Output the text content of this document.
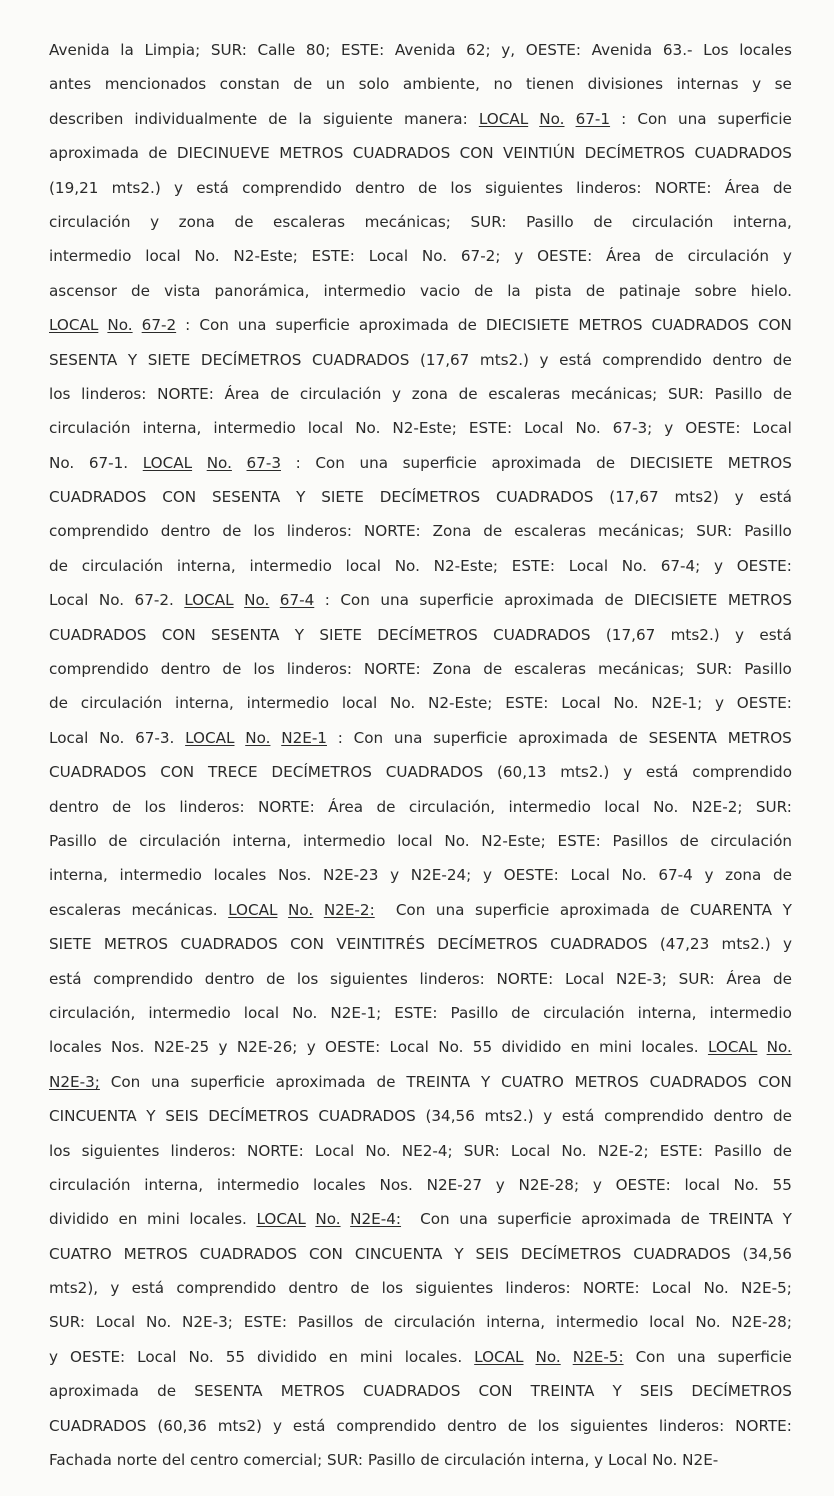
Avenida la Limpia; SUR: Calle 80; ESTE: Avenida 62; y, OESTE: Avenida 63.- Los locales
antes mencionados constan de un solo ambiente, no tienen divisiones internas y se
describen individualmente de la siguiente manera: LOCAL No. 67-1 : Con una superficie
aproximada de DIECINUEVE METROS CUADRADOS CON VEINTIÚN DECÍMETROS CUADRADOS
(19,21 mts2.) y está comprendido dentro de los siguientes linderos: NORTE: Área de
circulación y zona de escaleras mecánicas; SUR: Pasillo de circulación interna,
intermedio local No. N2-Este; ESTE: Local No. 67-2; y OESTE: Área de circulación y
ascensor de vista panorámica, intermedio vacio de la pista de patinaje sobre hielo.
LOCAL No. 67-2 : Con una superficie aproximada de DIECISIETE METROS CUADRADOS CON
SESENTA Y SIETE DECÍMETROS CUADRADOS (17,67 mts2.) y está comprendido dentro de
los linderos: NORTE: Área de circulación y zona de escaleras mecánicas; SUR: Pasillo de
circulación interna, intermedio local No. N2-Este; ESTE: Local No. 67-3; y OESTE: Local
No. 67-1. LOCAL No. 67-3 : Con una superficie aproximada de DIECISIETE METROS
CUADRADOS CON SESENTA Y SIETE DECÍMETROS CUADRADOS (17,67 mts2) y está
comprendido dentro de los linderos: NORTE: Zona de escaleras mecánicas; SUR: Pasillo
de circulación interna, intermedio local No. N2-Este; ESTE: Local No. 67-4; y OESTE:
Local No. 67-2. LOCAL No. 67-4 : Con una superficie aproximada de DIECISIETE METROS
CUADRADOS CON SESENTA Y SIETE DECÍMETROS CUADRADOS (17,67 mts2.) y está
comprendido dentro de los linderos: NORTE: Zona de escaleras mecánicas; SUR: Pasillo
de circulación interna, intermedio local No. N2-Este; ESTE: Local No. N2E-1; y OESTE:
Local No. 67-3. LOCAL No. N2E-1 : Con una superficie aproximada de SESENTA METROS
CUADRADOS CON TRECE DECÍMETROS CUADRADOS (60,13 mts2.) y está comprendido
dentro de los linderos: NORTE: Área de circulación, intermedio local No. N2E-2; SUR:
Pasillo de circulación interna, intermedio local No. N2-Este; ESTE: Pasillos de circulación
interna, intermedio locales Nos. N2E-23 y N2E-24; y OESTE: Local No. 67-4 y zona de
escaleras mecánicas. LOCAL No. N2E-2: Con una superficie aproximada de CUARENTA Y
SIETE METROS CUADRADOS CON VEINTITRÉS DECÍMETROS CUADRADOS (47,23 mts2.) y
está comprendido dentro de los siguientes linderos: NORTE: Local N2E-3; SUR: Área de
circulación, intermedio local No. N2E-1; ESTE: Pasillo de circulación interna, intermedio
locales Nos. N2E-25 y N2E-26; y OESTE: Local No. 55 dividido en mini locales. LOCAL No.
N2E-3; Con una superficie aproximada de TREINTA Y CUATRO METROS CUADRADOS CON
CINCUENTA Y SEIS DECÍMETROS CUADRADOS (34,56 mts2.) y está comprendido dentro de
los siguientes linderos: NORTE: Local No. NE2-4; SUR: Local No. N2E-2; ESTE: Pasillo de
circulación interna, intermedio locales Nos. N2E-27 y N2E-28; y OESTE: local No. 55
dividido en mini locales. LOCAL No. N2E-4: Con una superficie aproximada de TREINTA Y
CUATRO METROS CUADRADOS CON CINCUENTA Y SEIS DECÍMETROS CUADRADOS (34,56
mts2), y está comprendido dentro de los siguientes linderos: NORTE: Local No. N2E-5;
SUR: Local No. N2E-3; ESTE: Pasillos de circulación interna, intermedio local No. N2E-28;
y OESTE: Local No. 55 dividido en mini locales. LOCAL No. N2E-5: Con una superficie
aproximada de SESENTA METROS CUADRADOS CON TREINTA Y SEIS DECÍMETROS
CUADRADOS (60,36 mts2) y está comprendido dentro de los siguientes linderos: NORTE:
Fachada norte del centro comercial; SUR: Pasillo de circulación interna, y Local No. N2E-
